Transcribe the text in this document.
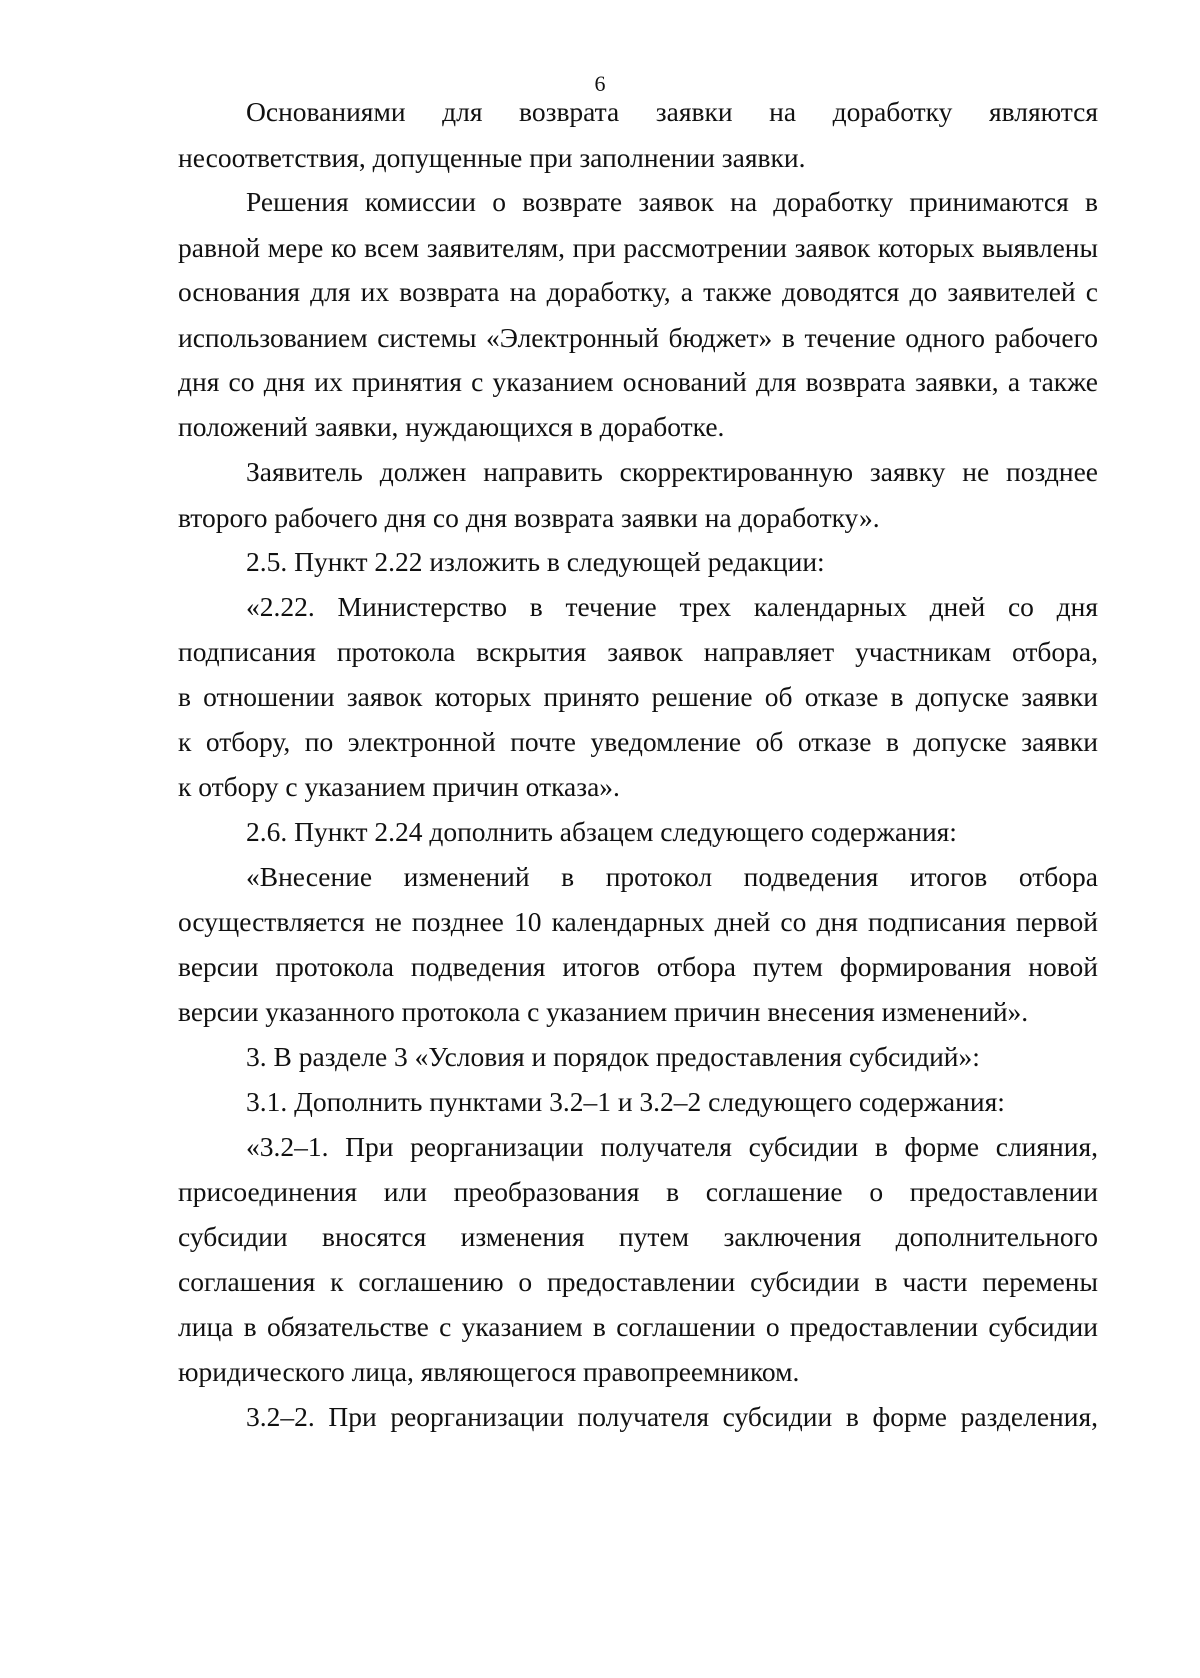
6
Основаниями для возврата заявки на доработку являются
несоответствия, допущенные при заполнении заявки.
Решения комиссии о возврате заявок на доработку принимаются в
равной мере ко всем заявителям, при рассмотрении заявок которых выявлены
основания для их возврата на доработку, а также доводятся до заявителей с
использованием системы «Электронный бюджет» в течение одного рабочего
дня со дня их принятия с указанием оснований для возврата заявки, а также
положений заявки, нуждающихся в доработке.
Заявитель должен направить скорректированную заявку не позднее
второго рабочего дня со дня возврата заявки на доработку».
2.5. Пункт 2.22 изложить в следующей редакции:
«2.22. Министерство в течение трех календарных дней со дня
подписания протокола вскрытия заявок направляет участникам отбора,
в отношении заявок которых принято решение об отказе в допуске заявки
к отбору, по электронной почте уведомление об отказе в допуске заявки
к отбору с указанием причин отказа».
2.6. Пункт 2.24 дополнить абзацем следующего содержания:
«Внесение изменений в протокол подведения итогов отбора
осуществляется не позднее 10 календарных дней со дня подписания первой
версии протокола подведения итогов отбора путем формирования новой
версии указанного протокола с указанием причин внесения изменений».
3. В разделе 3 «Условия и порядок предоставления субсидий»:
3.1. Дополнить пунктами 3.2–1 и 3.2–2 следующего содержания:
«3.2–1. При реорганизации получателя субсидии в форме слияния,
присоединения или преобразования в соглашение о предоставлении
субсидии вносятся изменения путем заключения дополнительного
соглашения к соглашению о предоставлении субсидии в части перемены
лица в обязательстве с указанием в соглашении о предоставлении субсидии
юридического лица, являющегося правопреемником.
3.2–2. При реорганизации получателя субсидии в форме разделения,
